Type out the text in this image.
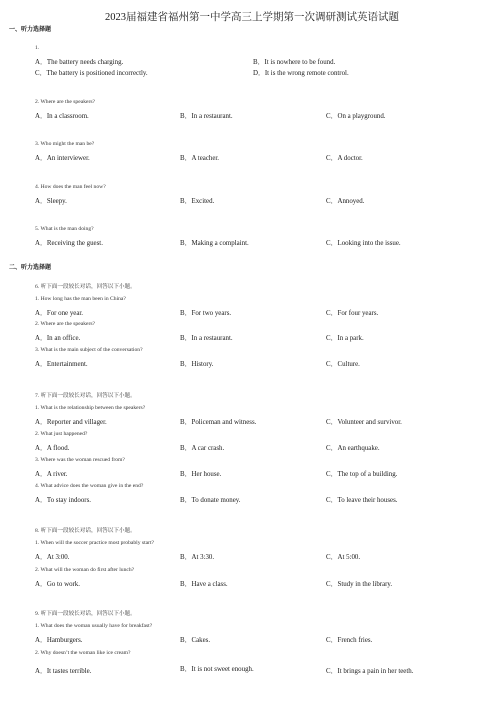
2023届福建省福州第一中学高三上学期第一次调研测试英语试题
一、听力选择题
1.
A．The battery needs charging.	B．It is nowhere to be found.
C．The battery is positioned incorrectly.	D．It is the wrong remote control.
2. Where are the speakers?
A．In a classroom.	B．In a restaurant.	C．On a playground.
3. Who might the man be?
A．An interviewer.	B．A teacher.	C．A doctor.
4. How does the man feel now?
A．Sleepy.	B．Excited.	C．Annoyed.
5. What is the man doing?
A．Receiving the guest.	B．Making a complaint.	C．Looking into the issue.
二、听力选择题
6. 听下面一段较长对话，回答以下小题。
1. How long has the man been in China?
A．For one year.	B．For two years.	C．For four years.
2. Where are the speakers?
A．In an office.	B．In a restaurant.	C．In a park.
3. What is the main subject of the conversation?
A．Entertainment.	B．History.	C．Culture.
7. 听下面一段较长对话，回答以下小题。
1. What is the relationship between the speakers?
A．Reporter and villager.	B．Policeman and witness.	C．Volunteer and survivor.
2. What just happened?
A．A flood.	B．A car crash.	C．An earthquake.
3. Where was the woman rescued from?
A．A river.	B．Her house.	C．The top of a building.
4. What advice does the woman give in the end?
A．To stay indoors.	B．To donate money.	C．To leave their houses.
8. 听下面一段较长对话，回答以下小题。
1. When will the soccer practice most probably start?
A．At 3:00.	B．At 3:30.	C．At 5:00.
2. What will the woman do first after lunch?
A．Go to work.	B．Have a class.	C．Study in the library.
9. 听下面一段较长对话，回答以下小题。
1. What does the woman usually have for breakfast?
A．Hamburgers.	B．Cakes.	C．French fries.
2. Why doesn’t the woman like ice cream?
A．It tastes terrible.	B．It is not sweet enough.	C．It brings a pain in her teeth.
